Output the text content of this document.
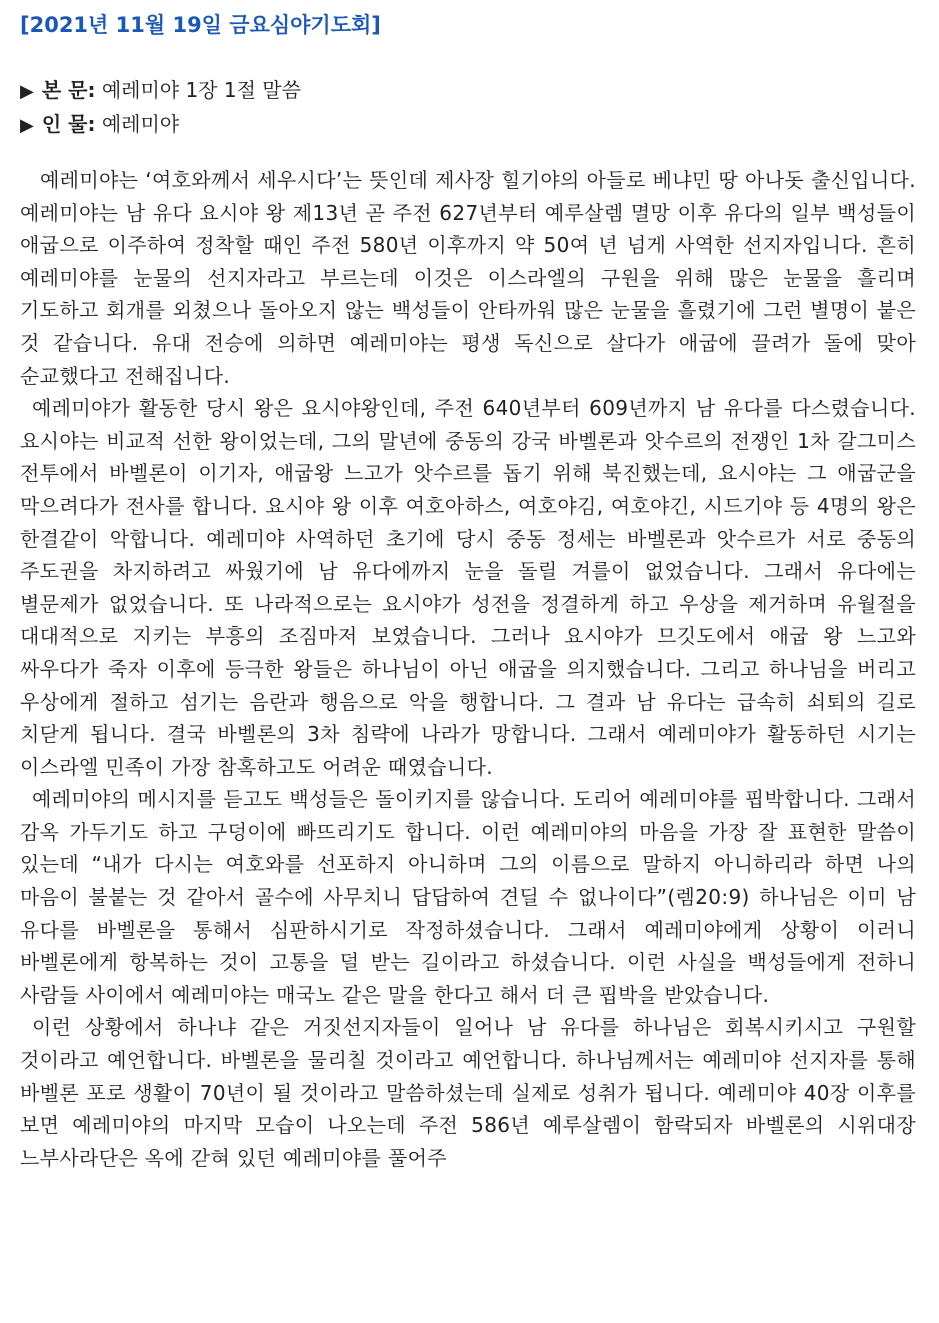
[2021년 11월 19일 금요심야기도회]
▶ 본 문: 예레미야 1장 1절 말씀
▶ 인 물: 예레미야

예레미야는 ‘여호와께서 세우시다’는 뜻인데 제사장 힐기야의 아들로 베냐민 땅 아나돗 출신입니다. 예레미야는 남 유다 요시야 왕 제13년 곧 주전 627년부터 예루살렘 멸망 이후 유다의 일부 백성들이 애굽으로 이주하여 정착할 때인 주전 580년 이후까지 약 50여 년 넘게 사역한 선지자입니다. 흔히 예레미야를 눈물의 선지자라고 부르는데 이것은 이스라엘의 구원을 위해 많은 눈물을 흘리며 기도하고 회개를 외쳤으나 돌아오지 않는 백성들이 안타까워 많은 눈물을 흘렸기에 그런 별명이 붙은 것 같습니다. 유대 전승에 의하면 예레미야는 평생 독신으로 살다가 애굽에 끌려가 돌에 맞아 순교했다고 전해집니다.

예레미야가 활동한 당시 왕은 요시야왕인데, 주전 640년부터 609년까지 남 유다를 다스렸습니다. 요시야는 비교적 선한 왕이었는데, 그의 말년에 중동의 강국 바벨론과 앗수르의 전쟁인 1차 갈그미스 전투에서 바벨론이 이기자, 애굽왕 느고가 앗수르를 돕기 위해 북진했는데, 요시야는 그 애굽군을 막으려다가 전사를 합니다. 요시야 왕 이후 여호아하스, 여호야김, 여호야긴, 시드기야 등 4명의 왕은 한결같이 악합니다. 예레미야 사역하던 초기에 당시 중동 정세는 바벨론과 앗수르가 서로 중동의 주도권을 차지하려고 싸웠기에 남 유다에까지 눈을 돌릴 겨를이 없었습니다. 그래서 유다에는 별문제가 없었습니다. 또 나라적으로는 요시야가 성전을 정결하게 하고 우상을 제거하며 유월절을 대대적으로 지키는 부흥의 조짐마저 보였습니다. 그러나 요시야가 므깃도에서 애굽 왕 느고와 싸우다가 죽자 이후에 등극한 왕들은 하나님이 아닌 애굽을 의지했습니다. 그리고 하나님을 버리고 우상에게 절하고 섬기는 음란과 행음으로 악을 행합니다. 그 결과 남 유다는 급속히 쇠퇴의 길로 치닫게 됩니다. 결국 바벨론의 3차 침략에 나라가 망합니다. 그래서 예레미야가 활동하던 시기는 이스라엘 민족이 가장 참혹하고도 어려운 때였습니다.

예레미야의 메시지를 듣고도 백성들은 돌이키지를 않습니다. 도리어 예레미야를 핍박합니다. 그래서 감옥 가두기도 하고 구덩이에 빠뜨리기도 합니다. 이런 예레미야의 마음을 가장 잘 표현한 말씀이 있는데 “내가 다시는 여호와를 선포하지 아니하며 그의 이름으로 말하지 아니하리라 하면 나의 마음이 불붙는 것 같아서 골수에 사무치니 답답하여 견딜 수 없나이다”(렘20:9) 하나님은 이미 남 유다를 바벨론을 통해서 심판하시기로 작정하셨습니다. 그래서 예레미야에게 상황이 이러니 바벨론에게 항복하는 것이 고통을 덜 받는 길이라고 하셨습니다. 이런 사실을 백성들에게 전하니 사람들 사이에서 예레미야는 매국노 같은 말을 한다고 해서 더 큰 핍박을 받았습니다.

이런 상황에서 하나냐 같은 거짓선지자들이 일어나 남 유다를 하나님은 회복시키시고 구원할 것이라고 예언합니다. 바벨론을 물리칠 것이라고 예언합니다. 하나님께서는 예레미야 선지자를 통해 바벨론 포로 생활이 70년이 될 것이라고 말씀하셨는데 실제로 성취가 됩니다. 예레미야 40장 이후를 보면 예레미야의 마지막 모습이 나오는데 주전 586년 예루살렘이 함락되자 바벨론의 시위대장 느부사라단은 옥에 갇혀 있던 예레미야를 풀어주
